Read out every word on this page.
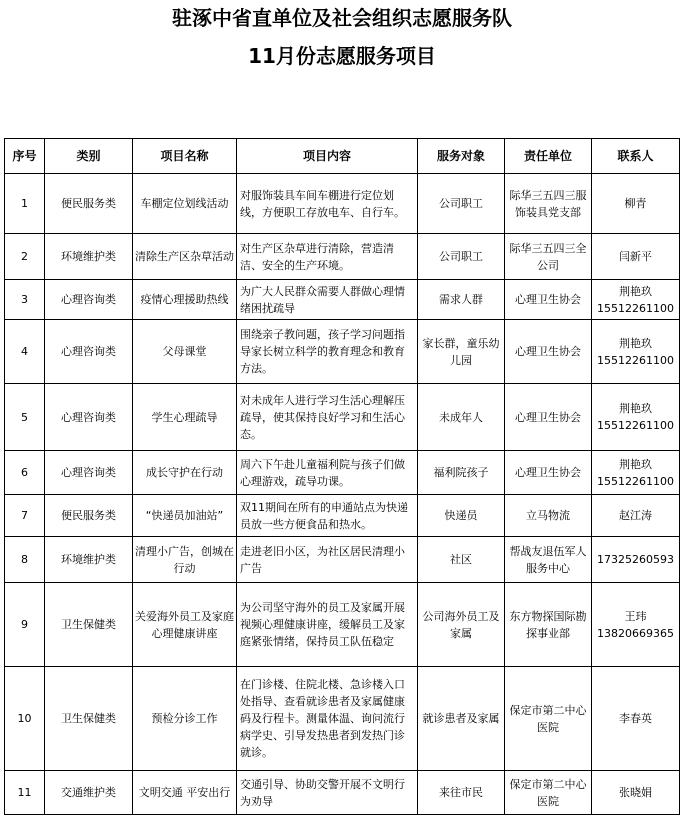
驻涿中省直单位及社会组织志愿服务队
11月份志愿服务项目
序号	类别	项目名称	项目内容	服务对象	责任单位	联系人
1	便民服务类	车棚定位划线活动	对服饰装具车间车棚进行定位划线，方便职工存放电车、自行车。	公司职工	际华三五四三服饰装具党支部	柳青

2	环境维护类	清除生产区杂草活动	对生产区杂草进行清除，营造清洁、安全的生产环境。	公司职工	际华三五四三全公司	闫新平

3	心理咨询类	疫情心理援助热线	为广大人民群众需要人群做心理情绪困扰疏导	需求人群	心理卫生协会	荆艳玖
15512261100

4	心理咨询类	父母课堂	围绕亲子教问题，孩子学习问题指导家长树立科学的教育理念和教育方法。	家长群，童乐幼儿园	心理卫生协会	荆艳玖
15512261100

5	心理咨询类	学生心理疏导	对未成年人进行学习生活心理解压疏导，使其保持良好学习和生活心态。	未成年人	心理卫生协会	荆艳玖
15512261100

6	心理咨询类	成长守护在行动	周六下午赴儿童福利院与孩子们做心理游戏，疏导功课。	福利院孩子	心理卫生协会	荆艳玖
15512261100

7	便民服务类	“快递员加油站”	双11期间在所有的申通站点为快递员放一些方便食品和热水。	快递员	立马物流	赵江涛

8	环境维护类	清理小广告，创城在行动	走进老旧小区，为社区居民清理小广告	社区	帮战友退伍军人服务中心	17325260593

9	卫生保健类	关爱海外员工及家庭心理健康讲座	为公司坚守海外的员工及家属开展视频心理健康讲座，缓解员工及家庭紧张情绪，保持员工队伍稳定	公司海外员工及家属	东方物探国际勘探事业部	王玮
13820669365

10	卫生保健类	预检分诊工作	在门诊楼、住院北楼、急诊楼入口处指导、查看就诊患者及家属健康码及行程卡。测量体温、询问流行病学史、引导发热患者到发热门诊就诊。	就诊患者及家属	保定市第二中心医院	李春英

11	交通维护类	文明交通 平安出行	交通引导、协助交警开展不文明行为劝导	来往市民	保定市第二中心医院	张晓娟
